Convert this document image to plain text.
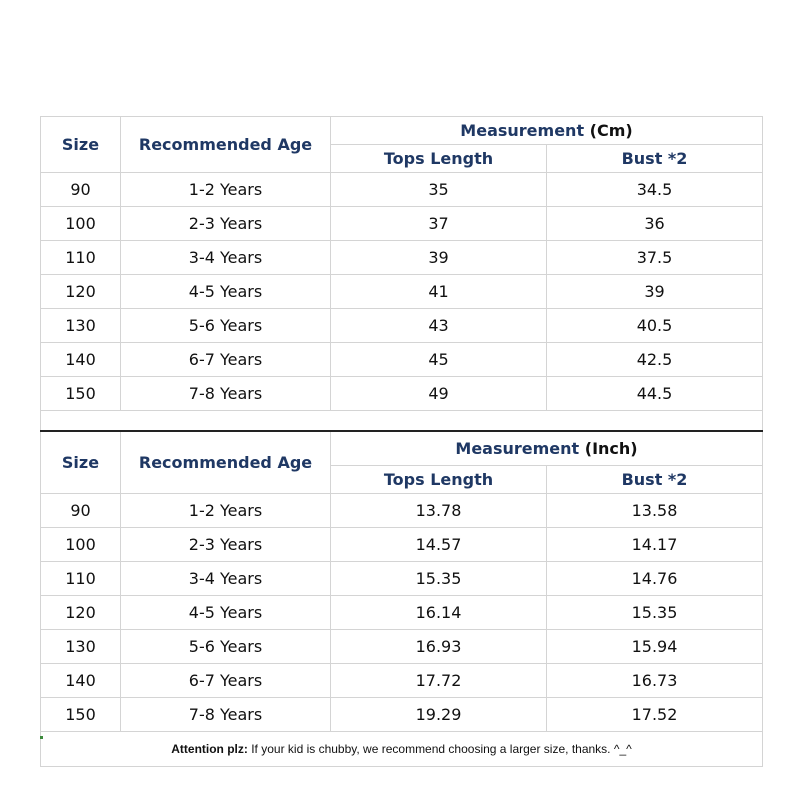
Size	Recommended Age	Measurement (Cm)	
		Tops Length	Bust *2
90	1-2 Years	35	34.5
100	2-3 Years	37	36
110	3-4 Years	39	37.5
120	4-5 Years	41	39
130	5-6 Years	43	40.5
140	6-7 Years	45	42.5
150	7-8 Years	49	44.5

Size	Recommended Age	Measurement (Inch)	
		Tops Length	Bust *2
90	1-2 Years	13.78	13.58
100	2-3 Years	14.57	14.17
110	3-4 Years	15.35	14.76
120	4-5 Years	16.14	15.35
130	5-6 Years	16.93	15.94
140	6-7 Years	17.72	16.73
150	7-8 Years	19.29	17.52
Attention plz: If your kid is chubby, we recommend choosing a larger size, thanks. ^_^			
